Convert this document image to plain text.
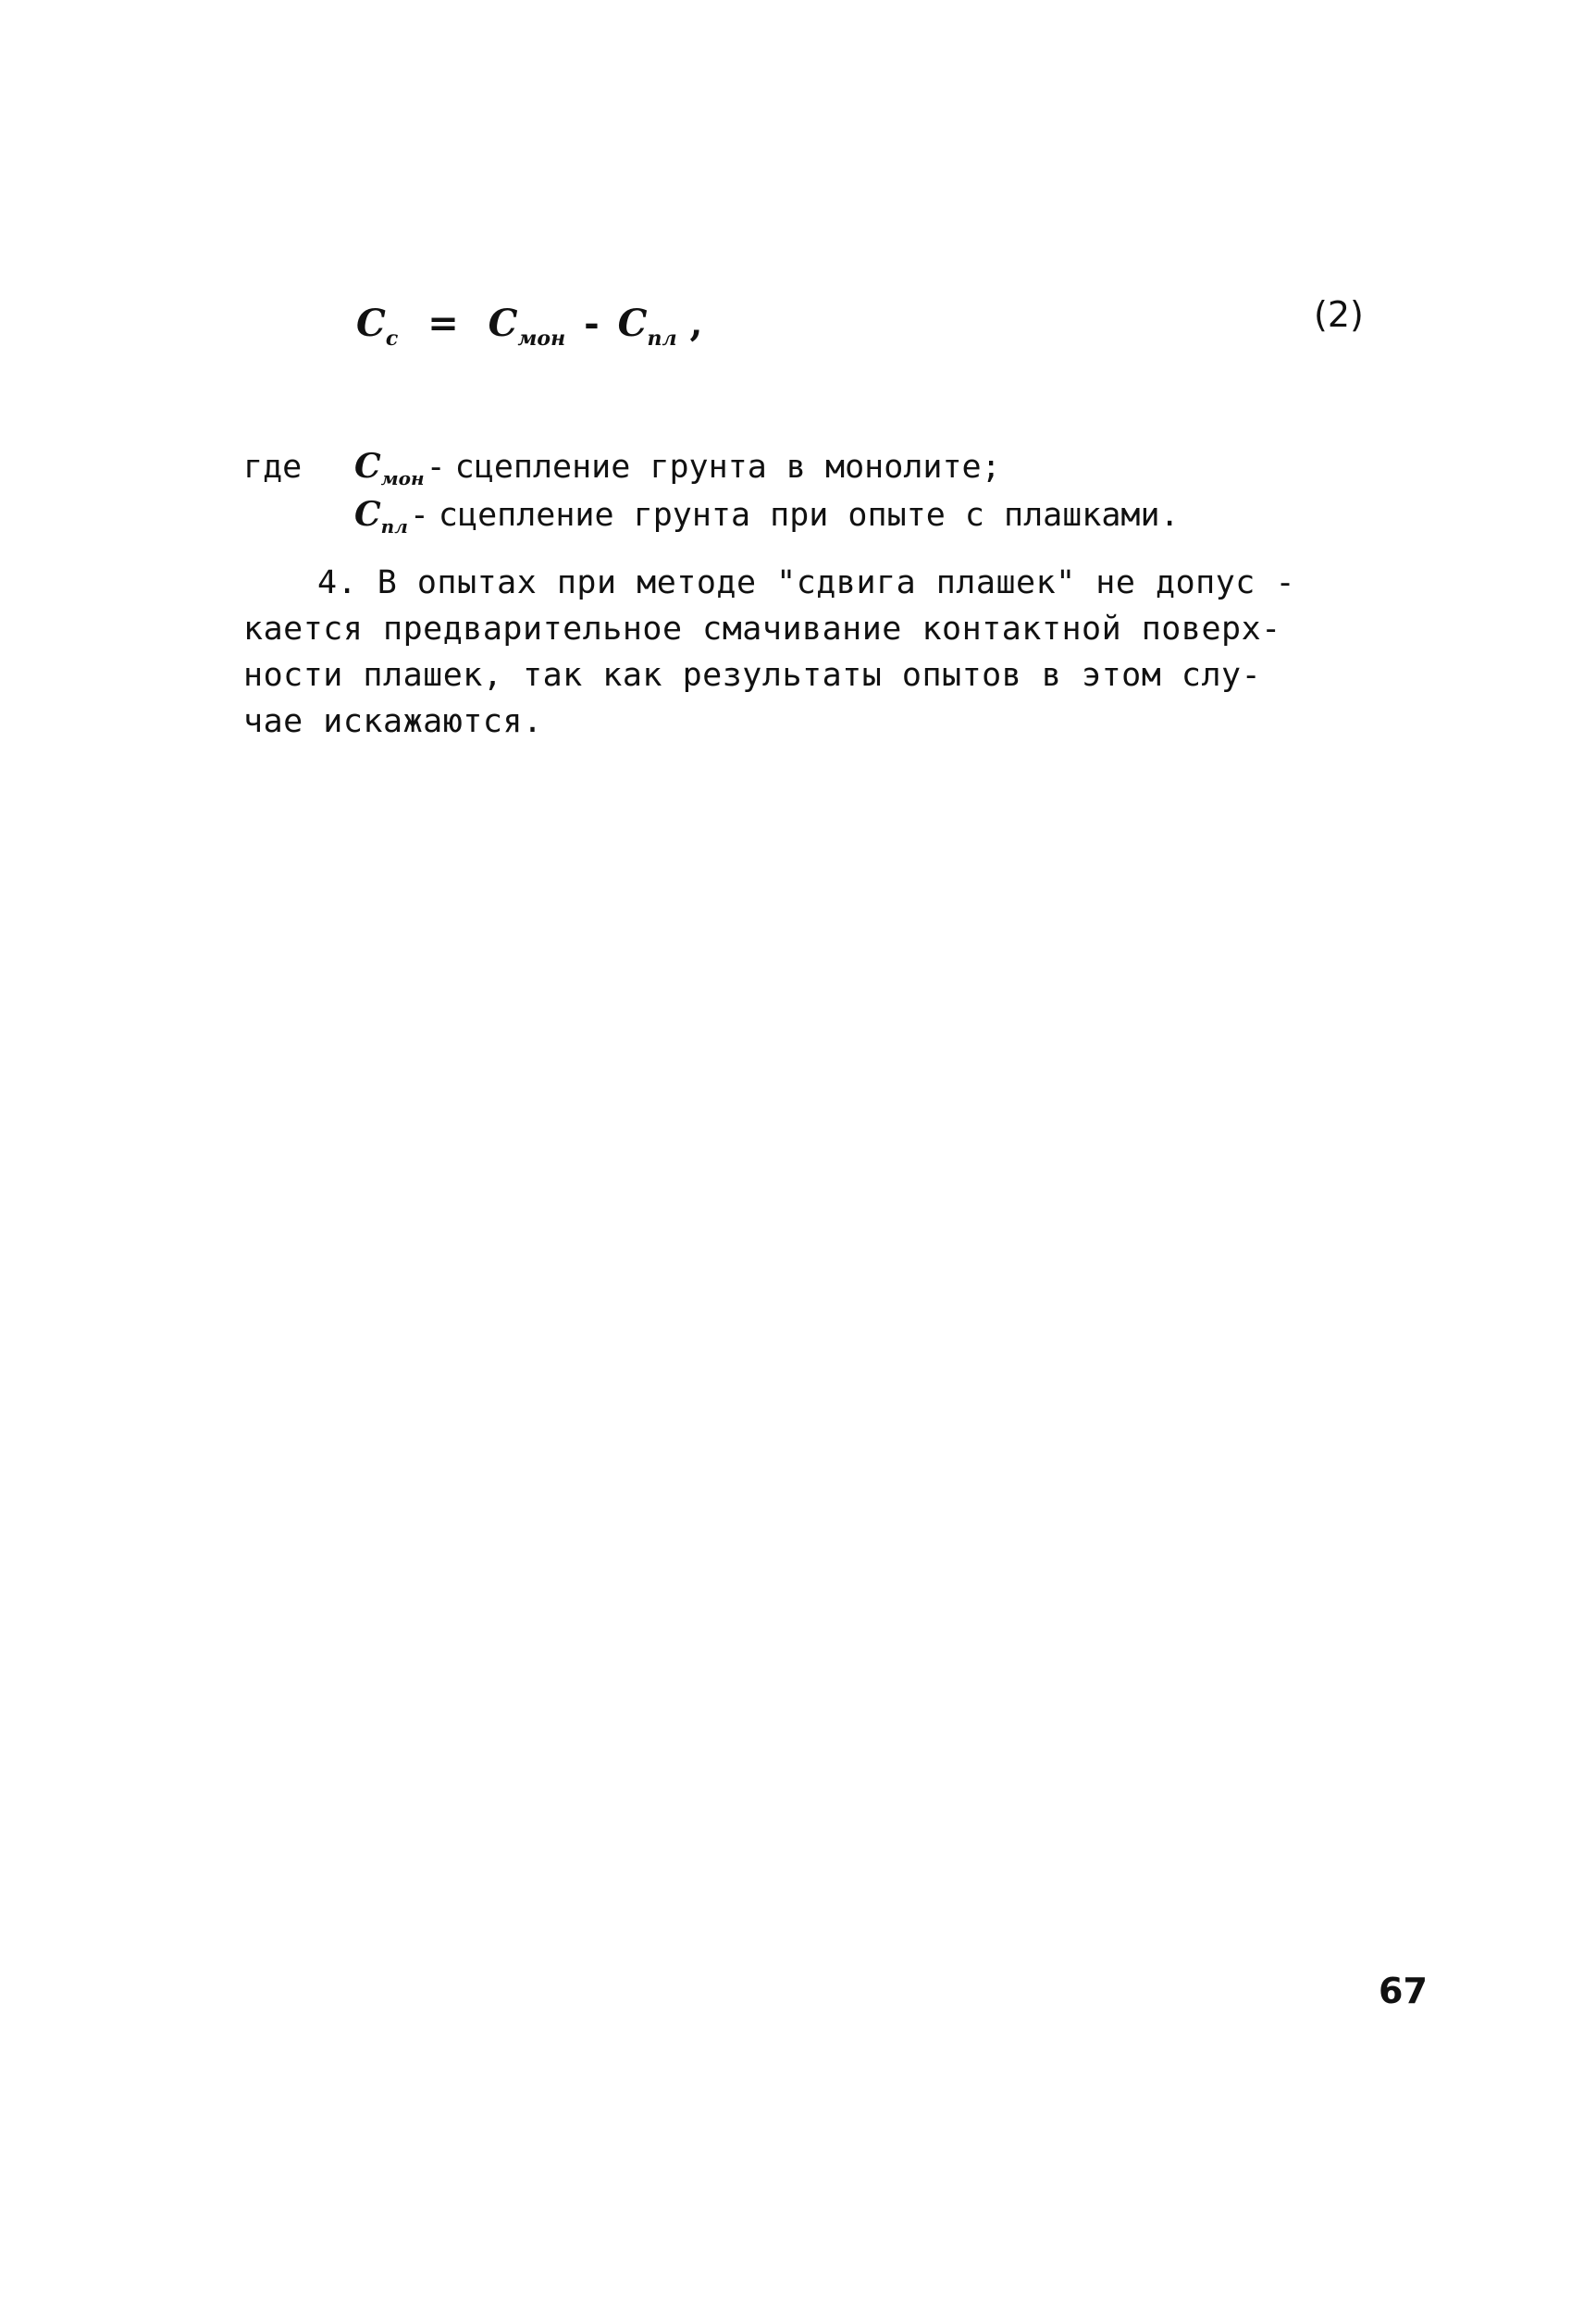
$C_c = C_{мон} - C_{пл}$ ,	(2)
где $C_{мон}-$ сцепление грунта в монолите;
$C_{пл}-$ сцепление грунта при опыте с плашками.
4. В опытах при методе "сдвига плашек" не допус -
кается предварительное смачивание контактной поверх-
ности плашек, так как результаты опытов в этом слу-
чае искажаются.
67
